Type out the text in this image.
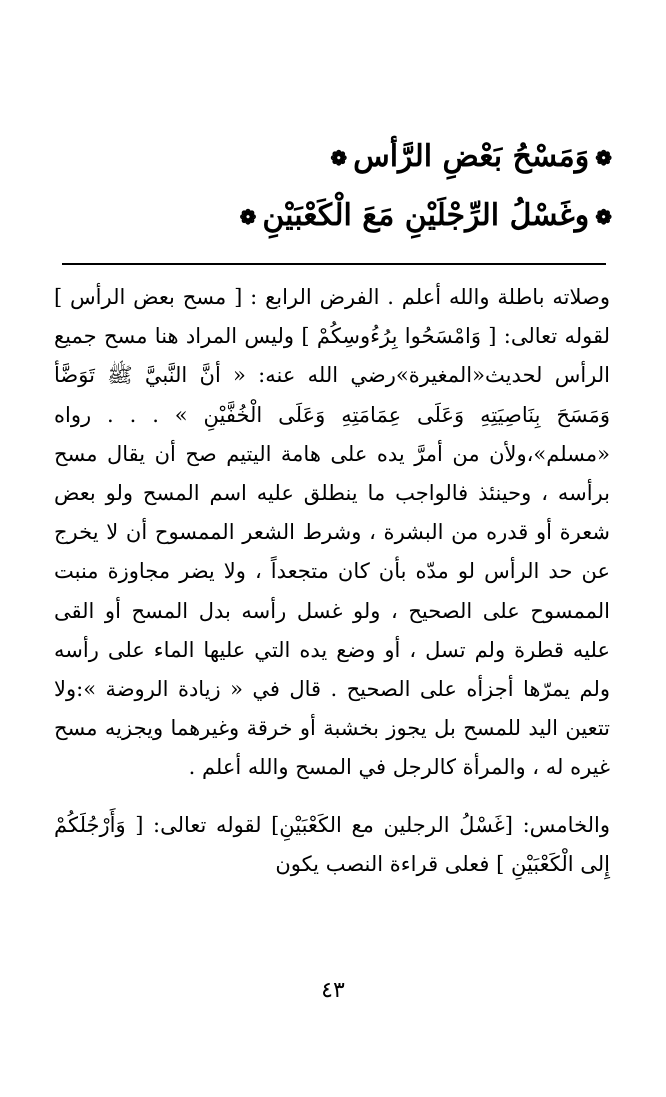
❁وَمَسْحُ بَعْضِ الرَّأس❁
❁وغَسْلُ الرِّجْلَيْنِ مَعَ الْكَعْبَيْنِ❁

وصلاته باطلة والله أعلم . الفرض الرابع : [ مسح بعض الرأس ] لقوله تعالى: [ وَامْسَحُوا بِرُءُوسِكُمْ ] وليس المراد هنا مسح جميع الرأس لحديث«المغيرة»رضي الله عنه: « أنَّ النَّبيَّ ﷺ تَوَضَّأ وَمَسَحَ بِنَاصِيَتِهِ وَعَلَى عِمَامَتِهِ وَعَلَى الْخُفَّيْنِ » . . . رواه «مسلم»،ولأن من أمرَّ يده على هامة اليتيم صح أن يقال مسح برأسه ، وحينئذ فالواجب ما ينطلق عليه اسم المسح ولو بعض شعرة أو قدره من البشرة ، وشرط الشعر الممسوح أن لا يخرج عن حد الرأس لو مدّه بأن كان متجعداً ، ولا يضر مجاوزة منبت الممسوح على الصحيح ، ولو غسل رأسه بدل المسح أو القى عليه قطرة ولم تسل ، أو وضع يده التي عليها الماء على رأسه ولم يمرّها أجزأه على الصحيح . قال في « زيادة الروضة »:ولا تتعين اليد للمسح بل يجوز بخشبة أو خرقة وغيرهما ويجزيه مسح غيره له ، والمرأة كالرجل في المسح والله أعلم .

والخامس: [غَسْلُ الرجلين مع الكَعْبَيْنِ] لقوله تعالى: [ وَأَرْجُلَكُمْ إِلى الْكَعْبَيْنِ ] فعلى قراءة النصب يكون

٤٣
